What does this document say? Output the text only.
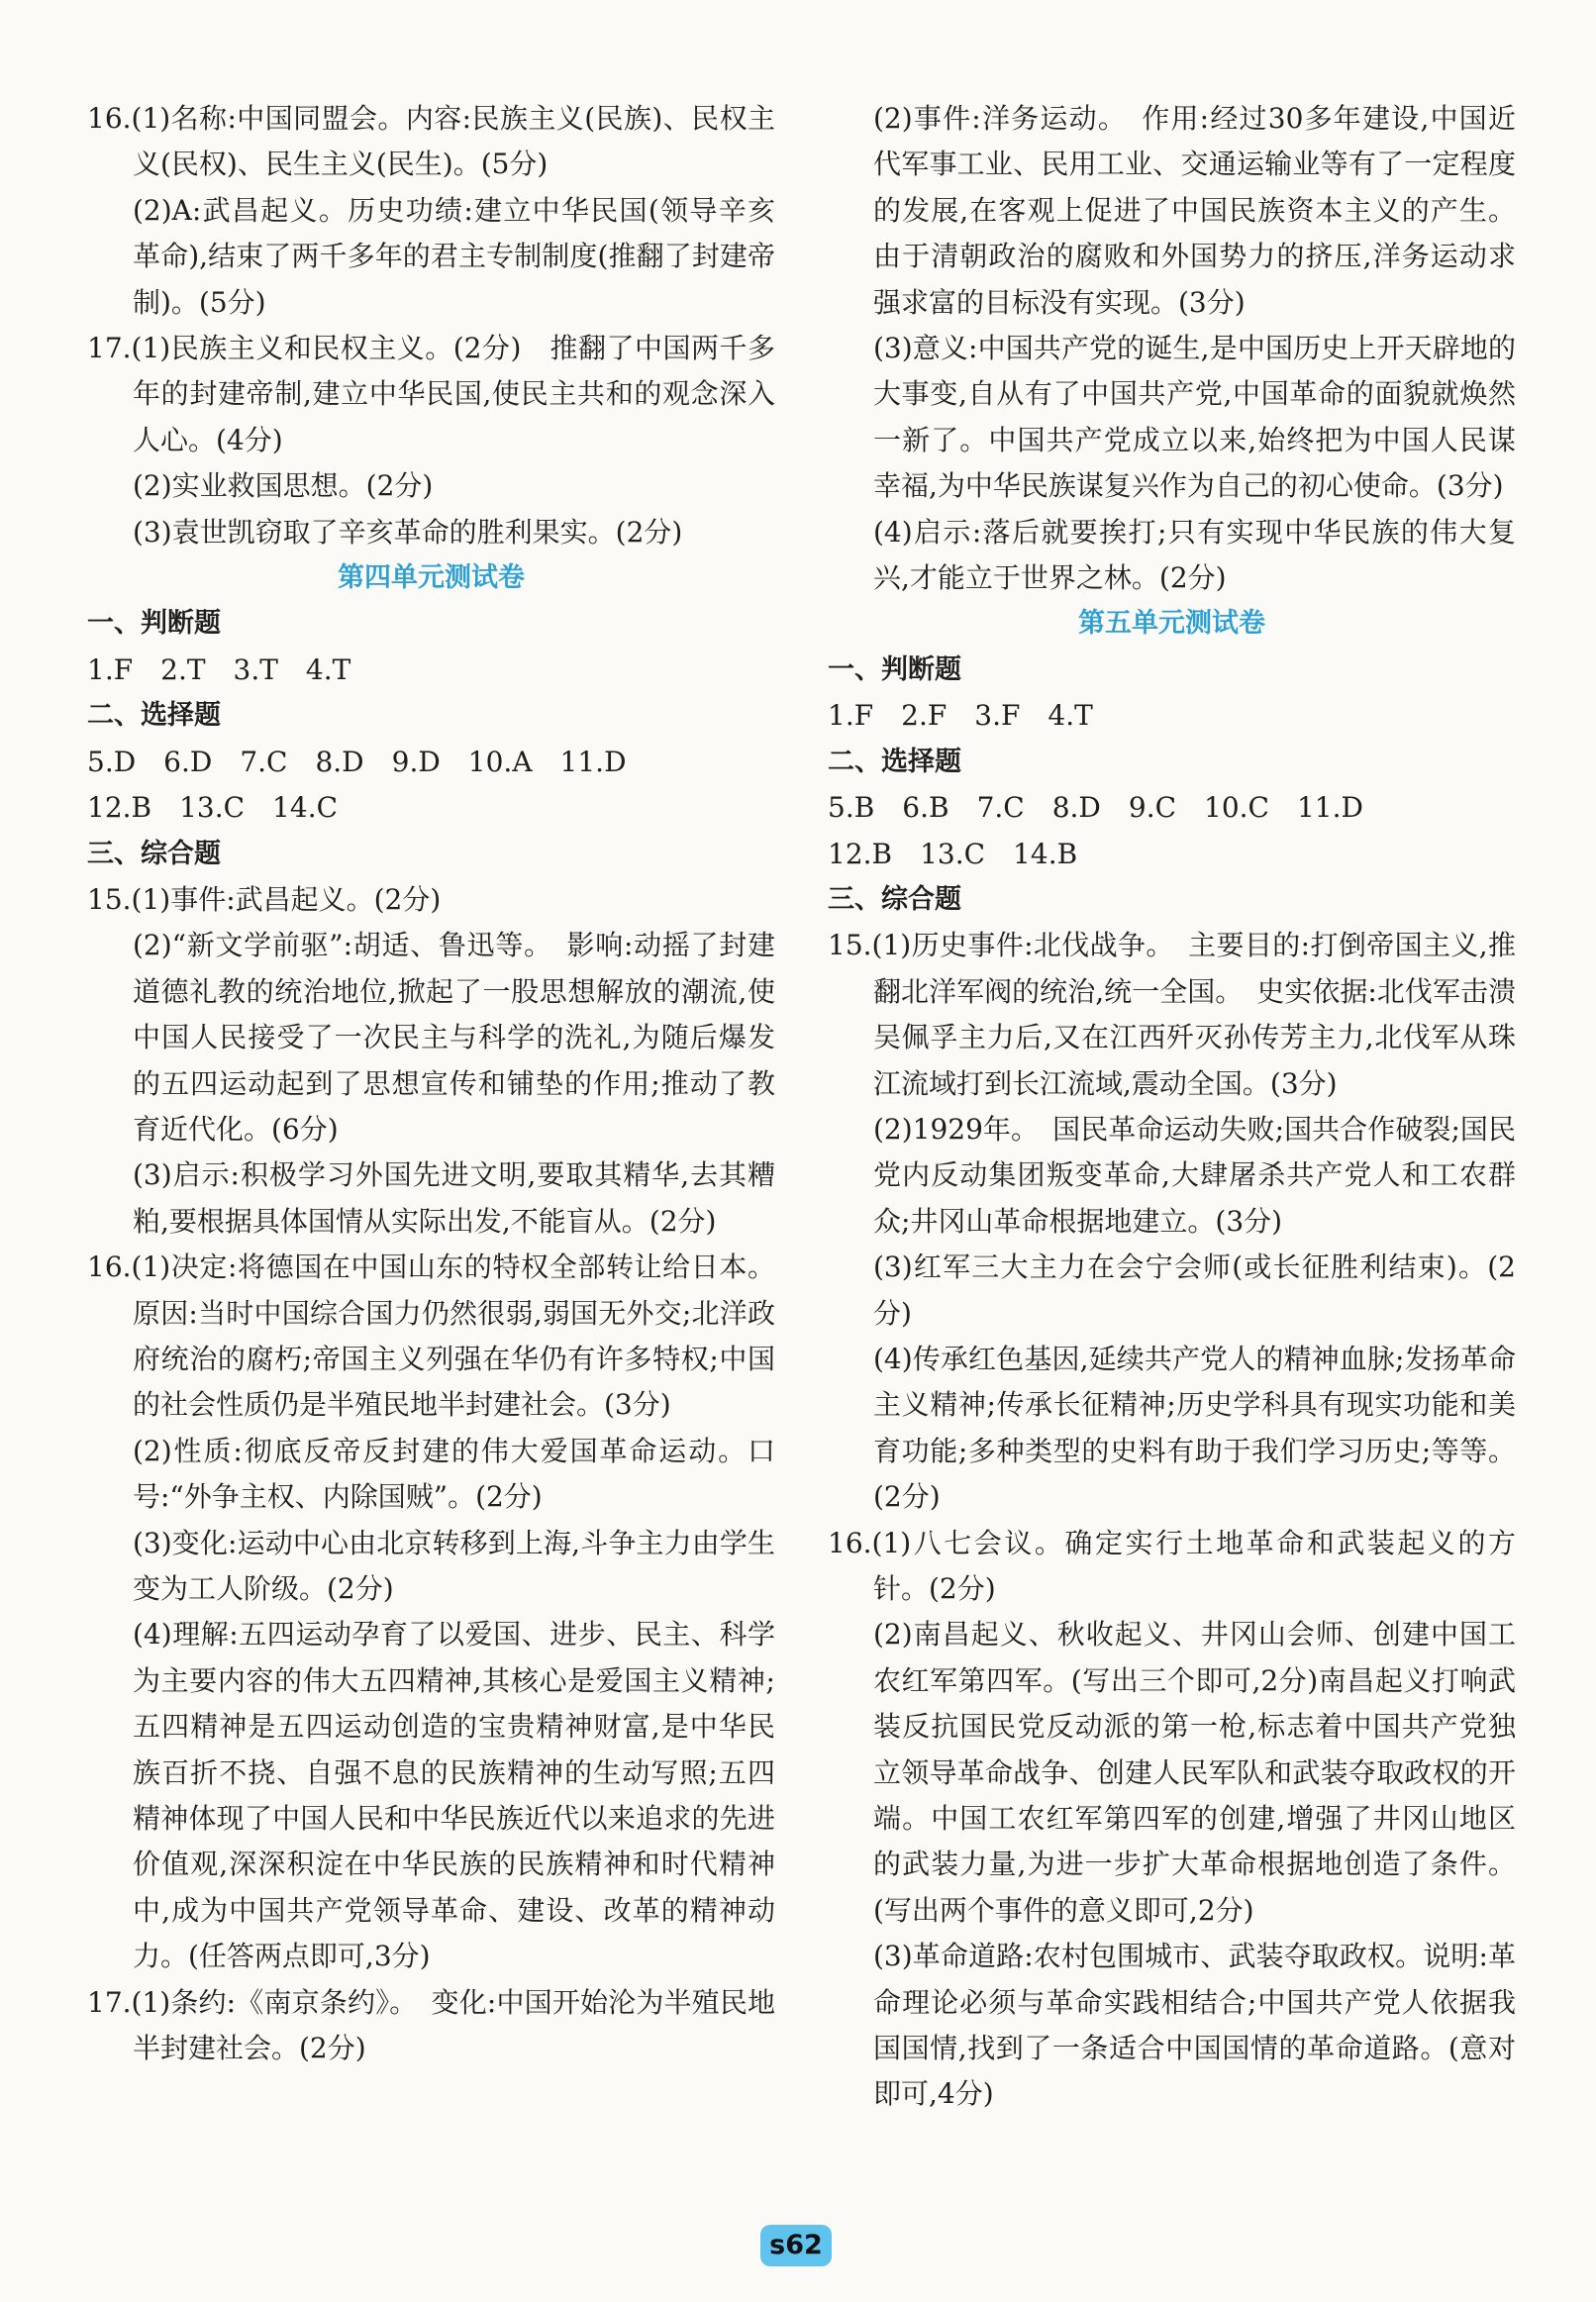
16.(1)名称:中国同盟会。内容:民族主义(民族)、民权主义(民权)、民生主义(民生)。(5分)
(2)A:武昌起义。历史功绩:建立中华民国(领导辛亥革命),结束了两千多年的君主专制制度(推翻了封建帝制)。(5分)
17.(1)民族主义和民权主义。(2分)　推翻了中国两千多年的封建帝制,建立中华民国,使民主共和的观念深入人心。(4分)
(2)实业救国思想。(2分)
(3)袁世凯窃取了辛亥革命的胜利果实。(2分)
第四单元测试卷
一、判断题
1.F　2.T　3.T　4.T
二、选择题
5.D　6.D　7.C　8.D　9.D　10.A　11.D
12.B　13.C　14.C
三、综合题
15.(1)事件:武昌起义。(2分)
(2)“新文学前驱”:胡适、鲁迅等。　影响:动摇了封建道德礼教的统治地位,掀起了一股思想解放的潮流,使中国人民接受了一次民主与科学的洗礼,为随后爆发的五四运动起到了思想宣传和铺垫的作用;推动了教育近代化。(6分)
(3)启示:积极学习外国先进文明,要取其精华,去其糟粕,要根据具体国情从实际出发,不能盲从。(2分)
16.(1)决定:将德国在中国山东的特权全部转让给日本。原因:当时中国综合国力仍然很弱,弱国无外交;北洋政府统治的腐朽;帝国主义列强在华仍有许多特权;中国的社会性质仍是半殖民地半封建社会。(3分)
(2)性质:彻底反帝反封建的伟大爱国革命运动。口号:“外争主权、内除国贼”。(2分)
(3)变化:运动中心由北京转移到上海,斗争主力由学生变为工人阶级。(2分)
(4)理解:五四运动孕育了以爱国、进步、民主、科学为主要内容的伟大五四精神,其核心是爱国主义精神;五四精神是五四运动创造的宝贵精神财富,是中华民族百折不挠、自强不息的民族精神的生动写照;五四精神体现了中国人民和中华民族近代以来追求的先进价值观,深深积淀在中华民族的民族精神和时代精神中,成为中国共产党领导革命、建设、改革的精神动力。(任答两点即可,3分)
17.(1)条约:《南京条约》。　变化:中国开始沦为半殖民地半封建社会。(2分)
(2)事件:洋务运动。　作用:经过30多年建设,中国近代军事工业、民用工业、交通运输业等有了一定程度的发展,在客观上促进了中国民族资本主义的产生。由于清朝政治的腐败和外国势力的挤压,洋务运动求强求富的目标没有实现。(3分)
(3)意义:中国共产党的诞生,是中国历史上开天辟地的大事变,自从有了中国共产党,中国革命的面貌就焕然一新了。中国共产党成立以来,始终把为中国人民谋幸福,为中华民族谋复兴作为自己的初心使命。(3分)
(4)启示:落后就要挨打;只有实现中华民族的伟大复兴,才能立于世界之林。(2分)
第五单元测试卷
一、判断题
1.F　2.F　3.F　4.T
二、选择题
5.B　6.B　7.C　8.D　9.C　10.C　11.D
12.B　13.C　14.B
三、综合题
15.(1)历史事件:北伐战争。　主要目的:打倒帝国主义,推翻北洋军阀的统治,统一全国。　史实依据:北伐军击溃吴佩孚主力后,又在江西歼灭孙传芳主力,北伐军从珠江流域打到长江流域,震动全国。(3分)
(2)1929年。　国民革命运动失败;国共合作破裂;国民党内反动集团叛变革命,大肆屠杀共产党人和工农群众;井冈山革命根据地建立。(3分)
(3)红军三大主力在会宁会师(或长征胜利结束)。(2分)
(4)传承红色基因,延续共产党人的精神血脉;发扬革命主义精神;传承长征精神;历史学科具有现实功能和美育功能;多种类型的史料有助于我们学习历史;等等。(2分)
16.(1)八七会议。确定实行土地革命和武装起义的方针。(2分)
(2)南昌起义、秋收起义、井冈山会师、创建中国工农红军第四军。(写出三个即可,2分)南昌起义打响武装反抗国民党反动派的第一枪,标志着中国共产党独立领导革命战争、创建人民军队和武装夺取政权的开端。中国工农红军第四军的创建,增强了井冈山地区的武装力量,为进一步扩大革命根据地创造了条件。(写出两个事件的意义即可,2分)
(3)革命道路:农村包围城市、武装夺取政权。说明:革命理论必须与革命实践相结合;中国共产党人依据我国国情,找到了一条适合中国国情的革命道路。(意对即可,4分)
s62
